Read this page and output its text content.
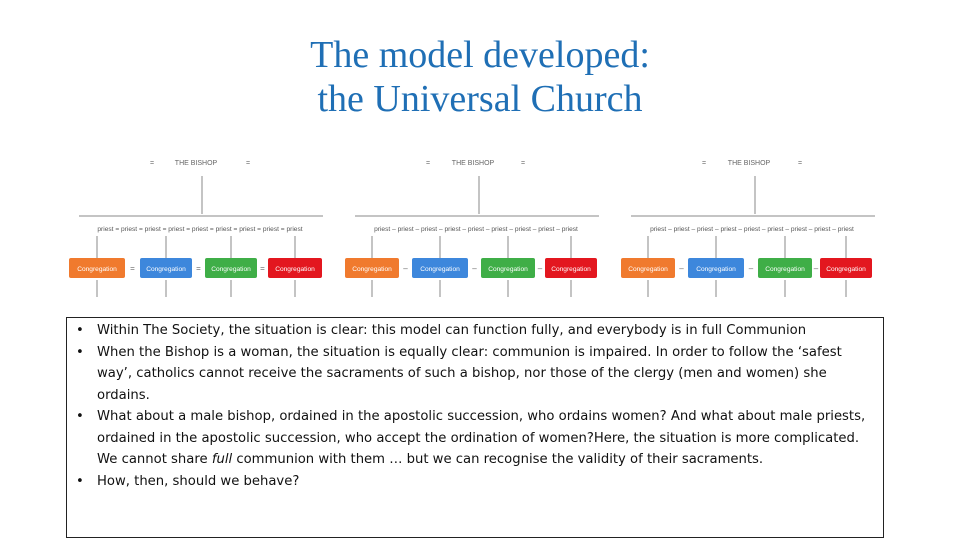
The model developed:
the Universal Church
THE BISHOP
=	=
priest = priest = priest = priest = priest = priest = priest = priest = priest
Congregation = Congregation = Congregation = Congregation
THE BISHOP
=	=
priest – priest – priest – priest – priest – priest – priest – priest – priest
Congregation – Congregation – Congregation – Congregation
THE BISHOP
=	=
priest – priest – priest – priest – priest – priest – priest – priest – priest
Congregation – Congregation – Congregation – Congregation
• Within The Society, the situation is clear: this model can function fully, and everybody is in full Communion
• When the Bishop is a woman, the situation is equally clear: communion is impaired. In order to follow the ‘safest way’, catholics cannot receive the sacraments of such a bishop, nor those of the clergy (men and women) she ordains.
• What about a male bishop, ordained in the apostolic succession, who ordains women? And what about male priests, ordained in the apostolic succession, who accept the ordination of women?Here, the situation is more complicated. We cannot share full communion with them … but we can recognise the validity of their sacraments.
• How, then, should we behave?
